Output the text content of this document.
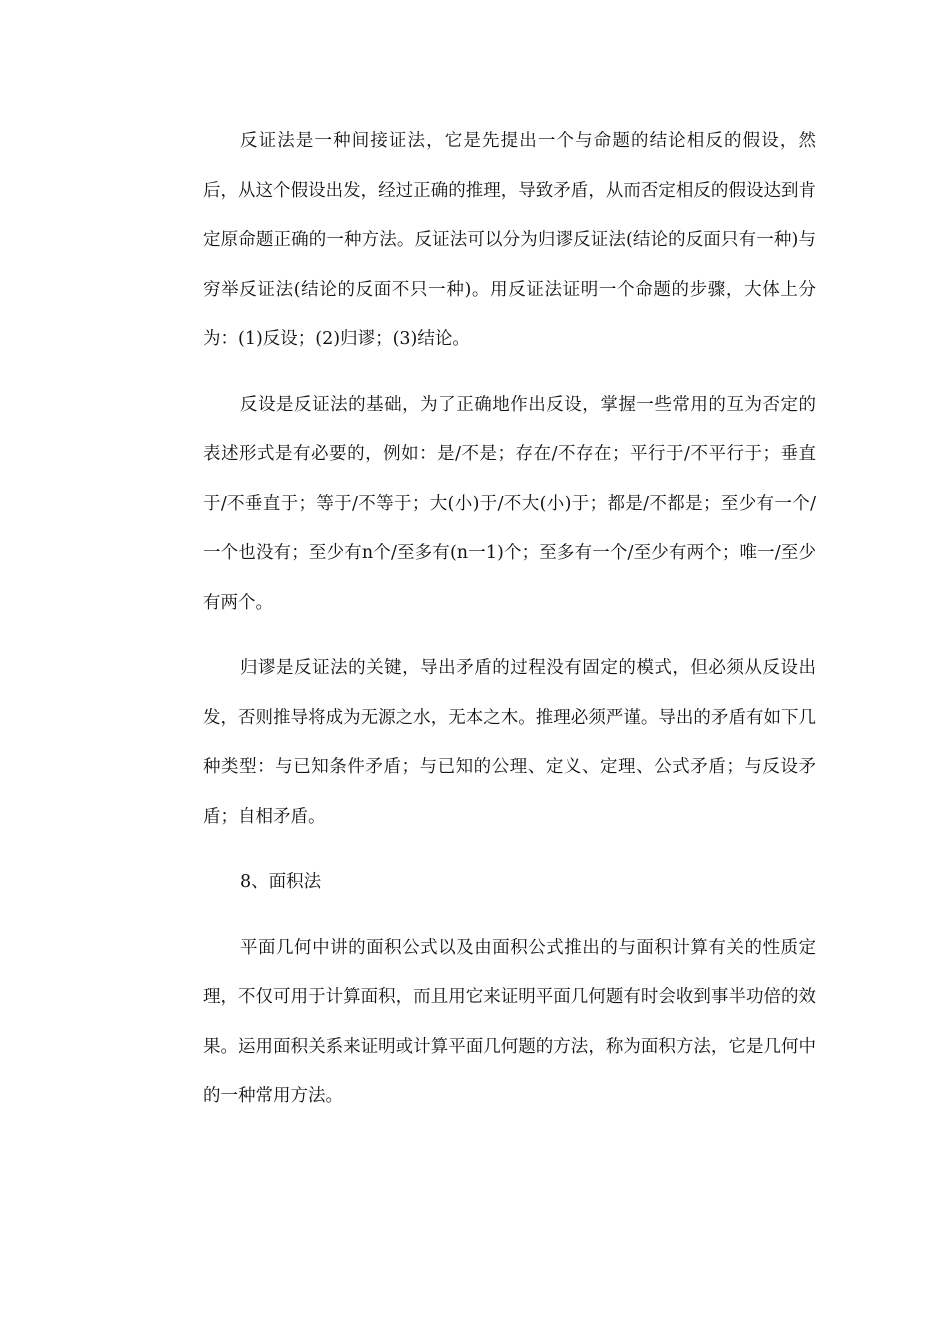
反证法是一种间接证法，它是先提出一个与命题的结论相反的假设，然后，从这个假设出发，经过正确的推理，导致矛盾，从而否定相反的假设达到肯定原命题正确的一种方法。反证法可以分为归谬反证法(结论的反面只有一种)与穷举反证法(结论的反面不只一种)。用反证法证明一个命题的步骤，大体上分为：(1)反设；(2)归谬；(3)结论。

反设是反证法的基础，为了正确地作出反设，掌握一些常用的互为否定的表述形式是有必要的，例如：是/不是；存在/不存在；平行于/不平行于；垂直于/不垂直于；等于/不等于；大(小)于/不大(小)于；都是/不都是；至少有一个/一个也没有；至少有n个/至多有(n一1)个；至多有一个/至少有两个；唯一/至少有两个。

归谬是反证法的关键，导出矛盾的过程没有固定的模式，但必须从反设出发，否则推导将成为无源之水，无本之木。推理必须严谨。导出的矛盾有如下几种类型：与已知条件矛盾；与已知的公理、定义、定理、公式矛盾；与反设矛盾；自相矛盾。

8、面积法

平面几何中讲的面积公式以及由面积公式推出的与面积计算有关的性质定理，不仅可用于计算面积，而且用它来证明平面几何题有时会收到事半功倍的效果。运用面积关系来证明或计算平面几何题的方法，称为面积方法，它是几何中的一种常用方法。
